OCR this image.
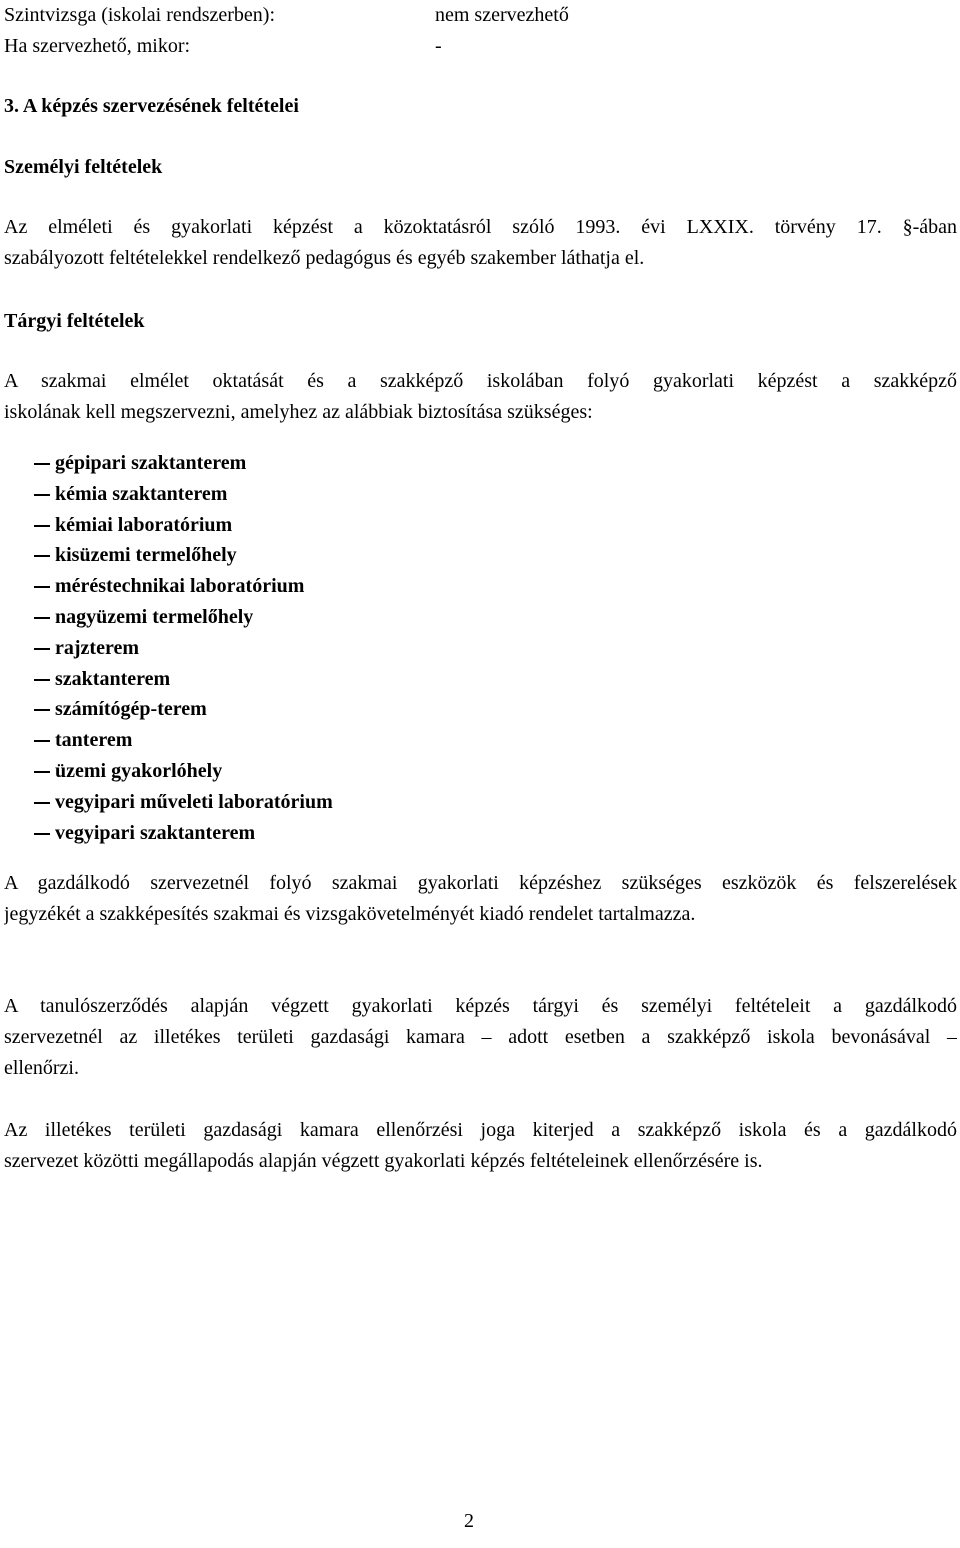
Szintvizsga (iskolai rendszerben):	nem szervezhető
Ha szervezhető, mikor:	-
3. A képzés szervezésének feltételei
Személyi feltételek
Az elméleti és gyakorlati képzést a közoktatásról szóló 1993. évi LXXIX. törvény 17. §-ában
szabályozott feltételekkel rendelkező pedagógus és egyéb szakember láthatja el.
Tárgyi feltételek
A szakmai elmélet oktatását és a szakképző iskolában folyó gyakorlati képzést a szakképző
iskolának kell megszervezni, amelyhez az alábbiak biztosítása szükséges:
gépipari szaktanterem
kémia szaktanterem
kémiai laboratórium
kisüzemi termelőhely
méréstechnikai laboratórium
nagyüzemi termelőhely
rajzterem
szaktanterem
számítógép-terem
tanterem
üzemi gyakorlóhely
vegyipari műveleti laboratórium
vegyipari szaktanterem
A gazdálkodó szervezetnél folyó szakmai gyakorlati képzéshez szükséges eszközök és felszerelések
jegyzékét a szakképesítés szakmai és vizsgakövetelményét kiadó rendelet tartalmazza.
A tanulószerződés alapján végzett gyakorlati képzés tárgyi és személyi feltételeit a gazdálkodó
szervezetnél az illetékes területi gazdasági kamara – adott esetben a szakképző iskola bevonásával –
ellenőrzi.
Az illetékes területi gazdasági kamara ellenőrzési joga kiterjed a szakképző iskola és a gazdálkodó
szervezet közötti megállapodás alapján végzett gyakorlati képzés feltételeinek ellenőrzésére is.
2
